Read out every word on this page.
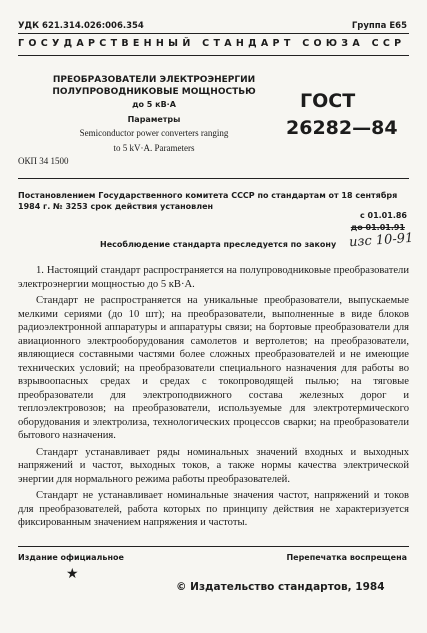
УДК 621.314.026:006.354	Группа Е65
ГОСУДАРСТВЕННЫЙ СТАНДАРТ СОЮЗА ССР
ПРЕОБРАЗОВАТЕЛИ ЭЛЕКТРОЭНЕРГИИ
ПОЛУПРОВОДНИКОВЫЕ МОЩНОСТЬЮ
до 5 кВ·А
Параметры
Semiconductor power converters ranging
to 5 kV·A. Parameters
ГОСТ
26282—84
ОКП 34 1500
Постановлением Государственного комитета СССР по стандартам от 18 сентября 1984 г. № 3253 срок действия установлен
с 01.01.86
до 01.01.91
изс 10-91
Несоблюдение стандарта преследуется по закону

1. Настоящий стандарт распространяется на полупроводниковые преобразователи электроэнергии мощностью до 5 кВ·А.

Стандарт не распространяется на уникальные преобразователи, выпускаемые мелкими сериями (до 10 шт); на преобразователи, выполненные в виде блоков радиоэлектронной аппаратуры и аппаратуры связи; на бортовые преобразователи для авиационного электрооборудования самолетов и вертолетов; на преобразователи, являющиеся составными частями более сложных преобразователей и не имеющие технических условий; на преобразователи специального назначения для работы во взрывоопасных средах и средах с токопроводящей пылью; на тяговые преобразователи для электроподвижного состава железных дорог и теплоэлектровозов; на преобразователи, используемые для электротермического оборудования и электролиза, технологических процессов сварки; на преобразователи бытового назначения.

Стандарт устанавливает ряды номинальных значений входных и выходных напряжений и частот, выходных токов, а также нормы качества электрической энергии для нормального режима работы преобразователей.

Стандарт не устанавливает номинальные значения частот, напряжений и токов для преобразователей, работа которых по принципу действия не характеризуется фиксированным значением напряжения и частоты.

Издание официальное	Перепечатка воспрещена
★
© Издательство стандартов, 1984
